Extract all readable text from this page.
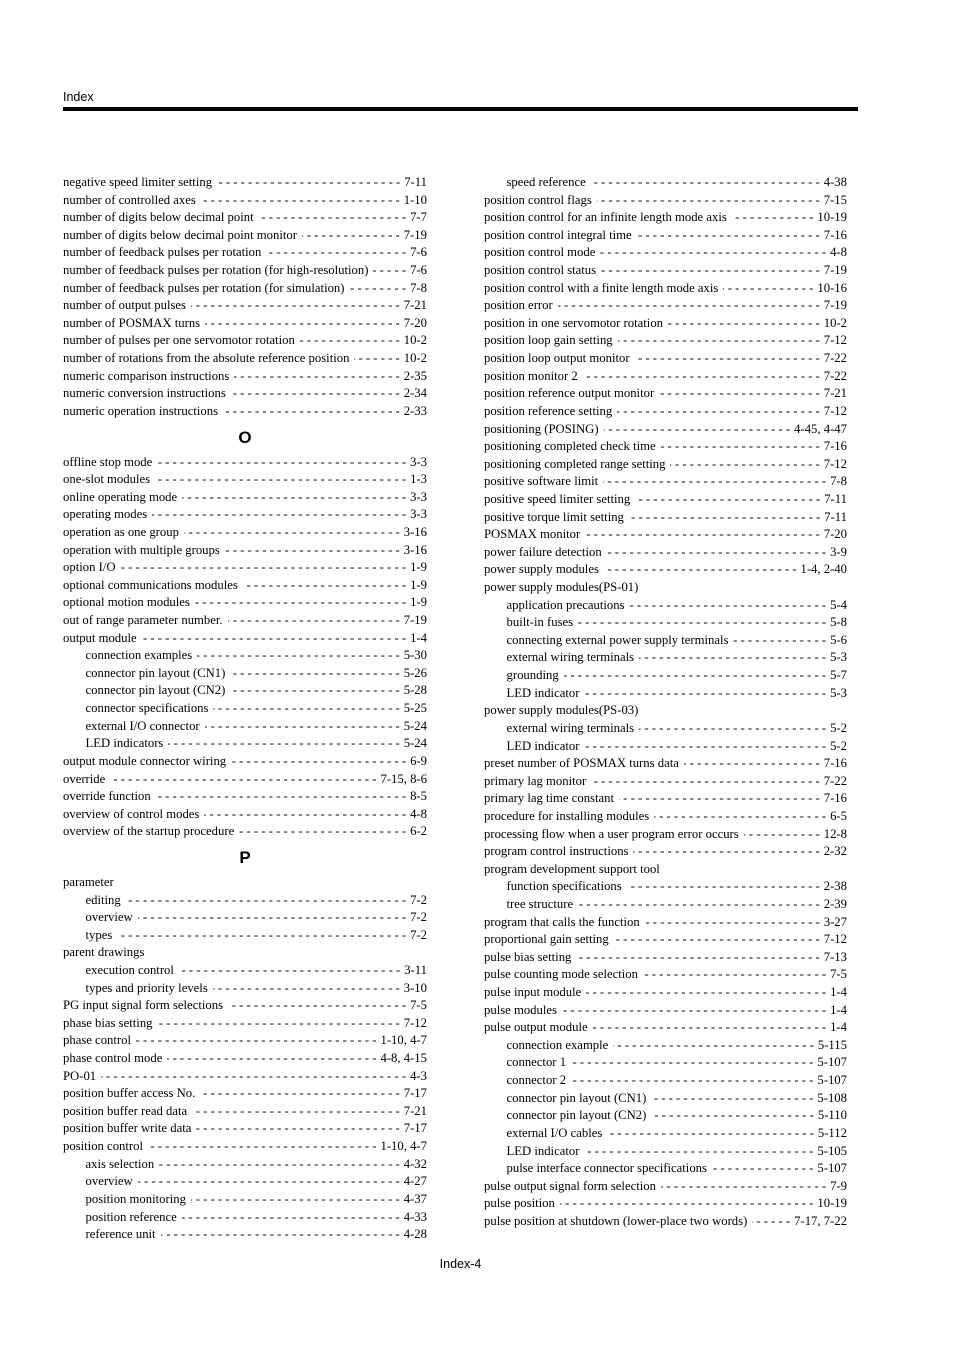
Index
negative speed limiter setting - - -	7-11
number of controlled axes - - -	1-10
number of digits below decimal point - - -	7-7
number of digits below decimal point monitor - - -	7-19
number of feedback pulses per rotation - - -	7-6
number of feedback pulses per rotation (for high-resolution) - - -	7-6
number of feedback pulses per rotation (for simulation) - - -	7-8
number of output pulses - - -	7-21
number of POSMAX turns - - -	7-20
number of pulses per one servomotor rotation - - -	10-2
number of rotations from the absolute reference position - - -	10-2
numeric comparison instructions - - -	2-35
numeric conversion instructions - - -	2-34
numeric operation instructions - - -	2-33
O
offline stop mode - - -	3-3
one-slot modules - - -	1-3
online operating mode - - -	3-3
operating modes - - -	3-3
operation as one group - - -	3-16
operation with multiple groups - - -	3-16
option I/O - - -	1-9
optional communications modules - - -	1-9
optional motion modules - - -	1-9
out of range parameter number. - - -	7-19
output module - - -	1-4
connection examples - - -	5-30
connector pin layout (CN1) - - -	5-26
connector pin layout (CN2) - - -	5-28
connector specifications - - -	5-25
external I/O connector - - -	5-24
LED indicators - - -	5-24
output module connector wiring - - -	6-9
override - - -	7-15, 8-6
override function - - -	8-5
overview of control modes - - -	4-8
overview of the startup procedure - - -	6-2
P
parameter
editing - - -	7-2
overview - - -	7-2
types - - -	7-2
parent drawings
execution control - - -	3-11
types and priority levels - - -	3-10
PG input signal form selections - - -	7-5
phase bias setting - - -	7-12
phase control - - -	1-10, 4-7
phase control mode - - -	4-8, 4-15
PO-01 - - -	4-3
position buffer access No. - - -	7-17
position buffer read data - - -	7-21
position buffer write data - - -	7-17
position control - - -	1-10, 4-7
axis selection - - -	4-32
overview - - -	4-27
position monitoring - - -	4-37
position reference - - -	4-33
reference unit - - -	4-28
speed reference - - -	4-38
position control flags - - -	7-15
position control for an infinite length mode axis - - -	10-19
position control integral time - - -	7-16
position control mode - - -	4-8
position control status - - -	7-19
position control with a finite length mode axis - - -	10-16
position error - - -	7-19
position in one servomotor rotation - - -	10-2
position loop gain setting - - -	7-12
position loop output monitor - - -	7-22
position monitor 2 - - -	7-22
position reference output monitor - - -	7-21
position reference setting - - -	7-12
positioning (POSING) - - -	4-45, 4-47
positioning completed check time - - -	7-16
positioning completed range setting - - -	7-12
positive software limit - - -	7-8
positive speed limiter setting - - -	7-11
positive torque limit setting - - -	7-11
POSMAX monitor - - -	7-20
power failure detection - - -	3-9
power supply modules - - -	1-4, 2-40
power supply modules(PS-01)
application precautions - - -	5-4
built-in fuses - - -	5-8
connecting external power supply terminals - - -	5-6
external wiring terminals - - -	5-3
grounding - - -	5-7
LED indicator - - -	5-3
power supply modules(PS-03)
external wiring terminals - - -	5-2
LED indicator - - -	5-2
preset number of POSMAX turns data - - -	7-16
primary lag monitor - - -	7-22
primary lag time constant - - -	7-16
procedure for installing modules - - -	6-5
processing flow when a user program error occurs - - -	12-8
program control instructions - - -	2-32
program development support tool
function specifications - - -	2-38
tree structure - - -	2-39
program that calls the function - - -	3-27
proportional gain setting - - -	7-12
pulse bias setting - - -	7-13
pulse counting mode selection - - -	7-5
pulse input module - - -	1-4
pulse modules - - -	1-4
pulse output module - - -	1-4
connection example - - -	5-115
connector 1 - - -	5-107
connector 2 - - -	5-107
connector pin layout (CN1) - - -	5-108
connector pin layout (CN2) - - -	5-110
external I/O cables - - -	5-112
LED indicator - - -	5-105
pulse interface connector specifications - - -	5-107
pulse output signal form selection - - -	7-9
pulse position - - -	10-19
pulse position at shutdown (lower-place two words) - - -	7-17, 7-22
Index-4
